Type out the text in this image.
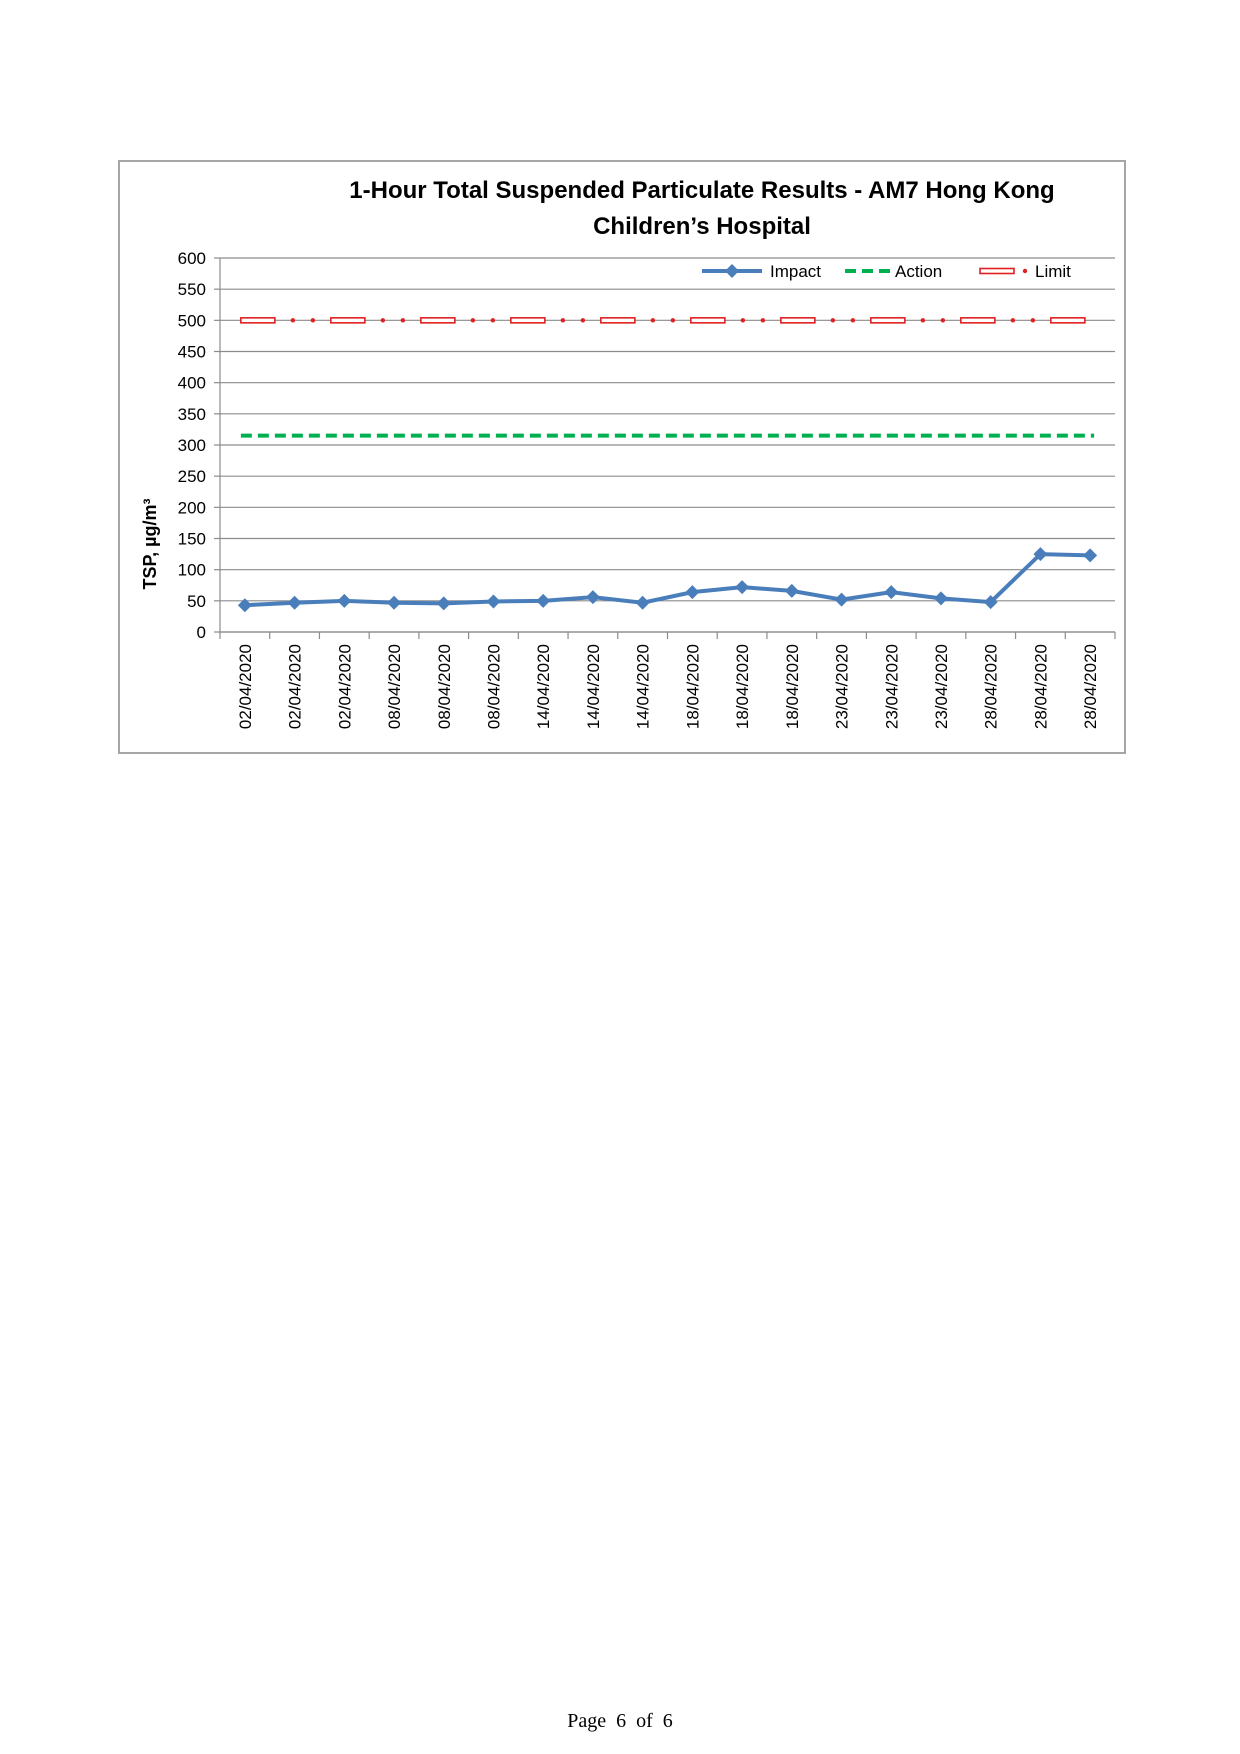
1-Hour Total Suspended Particulate Results - AM7 Hong Kong
Children’s Hospital
TSP, µg/m³
0
50
100
150
200
250
300
350
400
450
500
550
600
02/04/2020 02/04/2020 02/04/2020 08/04/2020 08/04/2020 08/04/2020 14/04/2020 14/04/2020 14/04/2020 18/04/2020 18/04/2020 18/04/2020 23/04/2020 23/04/2020 23/04/2020 28/04/2020 28/04/2020 28/04/2020
Impact	Action	Limit
Page 6 of 6
